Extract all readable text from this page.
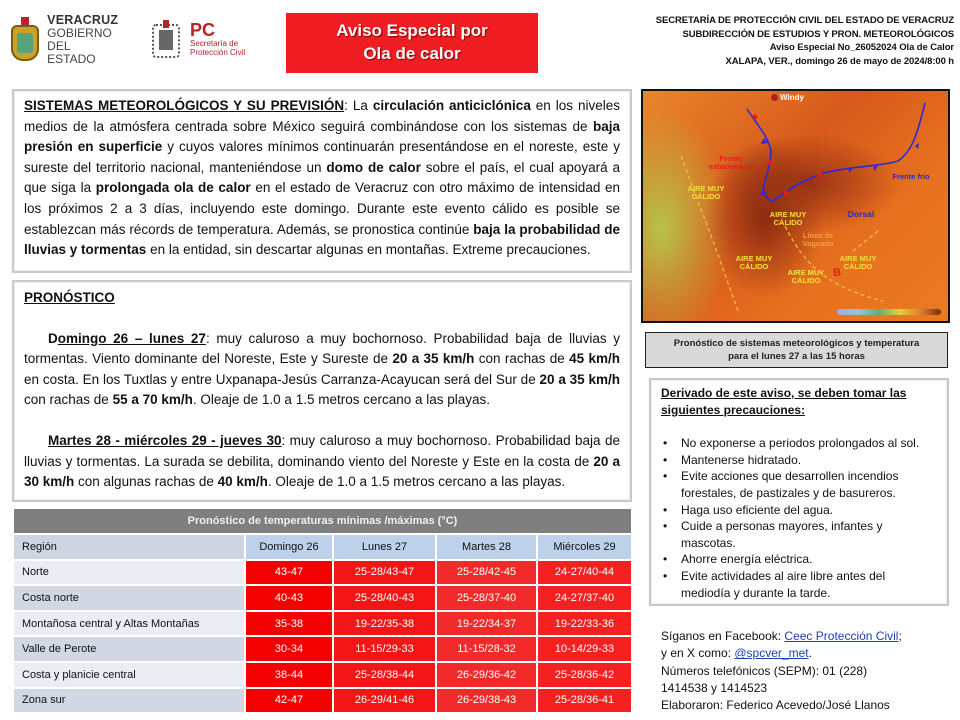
VERACRUZ
GOBIERNO
DEL ESTADO
PC
Secretaría de
Protección Civil
Aviso Especial por
Ola de calor
SECRETARÍA DE PROTECCIÓN CIVIL DEL ESTADO DE VERACRUZ
SUBDIRECCIÓN DE ESTUDIOS Y PRON. METEOROLÓGICOS
Aviso Especial No_26052024 Ola de Calor
XALAPA, VER., domingo 26 de mayo de 2024/8:00 h
SISTEMAS METEOROLÓGICOS Y SU PREVISIÓN: La circulación anticiclónica en los niveles medios de la atmósfera centrada sobre México seguirá combinándose con los sistemas de baja presión en superficie y cuyos valores mínimos continuarán presentándose en el noreste, este y sureste del territorio nacional, manteniéndose un domo de calor sobre el país, el cual apoyará a que siga la prolongada ola de calor en el estado de Veracruz con otro máximo de intensidad en los próximos 2 a 3 días, incluyendo este domingo. Durante este evento cálido es posible se establezcan más récords de temperatura. Además, se pronostica continúe baja la probabilidad de lluvias y tormentas en la entidad, sin descartar algunas en montañas. Extreme precauciones.
PRONÓSTICO

Domingo 26 – lunes 27: muy caluroso a muy bochornoso. Probabilidad baja de lluvias y tormentas. Viento dominante del Noreste, Este y Sureste de 20 a 35 km/h con rachas de 45 km/h en costa. En los Tuxtlas y entre Uxpanapa-Jesús Carranza-Acayucan será del Sur de 20 a 35 km/h con rachas de 55 a 70 km/h. Oleaje de 1.0 a 1.5 metros cercano a las playas.

Martes 28 - miércoles 29 - jueves 30: muy caluroso a muy bochornoso. Probabilidad baja de lluvias y tormentas. La surada se debilita, dominando viento del Noreste y Este en la costa de 20 a 30 km/h con algunas rachas de 40 km/h. Oleaje de 1.0 a 1.5 metros cercano a las playas.

Pronóstico de temperaturas mínimas /máximas (°C)				
Región	Domingo 26	Lunes 27	Martes 28	Miércoles 29
Norte	43-47	25-28/43-47	25-28/42-45	24-27/40-44
Costa norte	40-43	25-28/40-43	25-28/37-40	24-27/37-40
Montañosa central y Altas Montañas	35-38	19-22/35-38	19-22/34-37	19-22/33-36
Valle de Perote	30-34	11-15/29-33	11-15/28-32	10-14/29-33
Costa y planicie central	38-44	25-28/38-44	26-29/36-42	25-28/36-42
Zona sur	42-47	26-29/41-46	26-29/38-43	25-28/36-41
Windy
Frente estacionario
Frente frío
Dorsal
Línea de Vaguada
AIRE MUY CÁLIDO
AIRE MUY CÁLIDO
AIRE MUY CÁLIDO
AIRE MUY CÁLIDO
AIRE MUY CÁLIDO
B
Pronóstico de sistemas meteorológicos y temperatura
para el lunes 27 a las 15 horas
Derivado de este aviso, se deben tomar las siguientes precauciones:
• No exponerse a periodos prolongados al sol.
• Mantenerse hidratado.
• Evite acciones que desarrollen incendios forestales, de pastizales y de basureros.
• Haga uso eficiente del agua.
• Cuide a personas mayores, infantes y mascotas.
• Ahorre energía eléctrica.
• Evite actividades al aire libre antes del mediodía y durante la tarde.
Síganos en Facebook: Ceec Protección Civil;
y en X como: @spcver_met.
Números telefónicos (SEPM): 01 (228)
1414538 y 1414523
Elaboraron: Federico Acevedo/José Llanos
